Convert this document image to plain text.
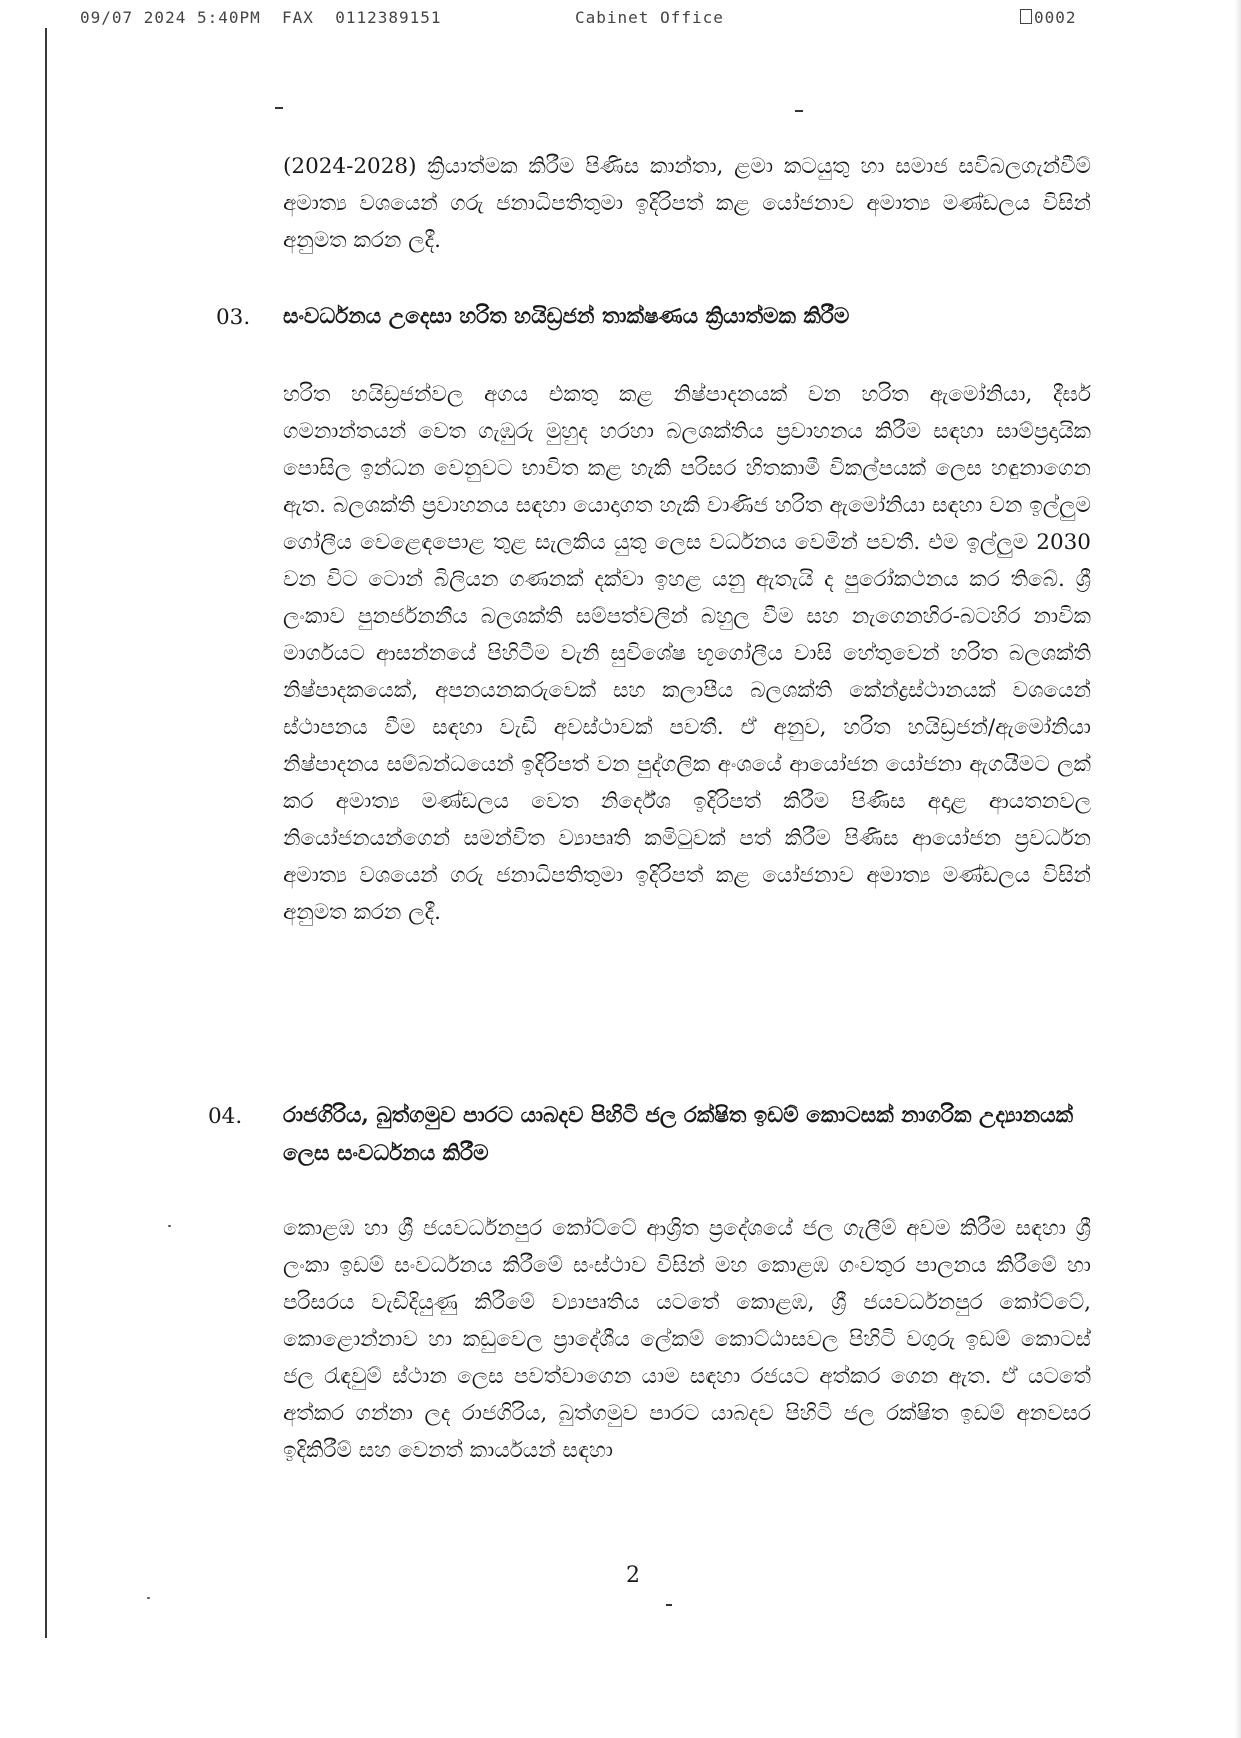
09/07 2024 5:40PM  FAX  0112389151	Cabinet Office	0002
(2024-2028) ක්‍රියාත්මක කිරීම පිණිස කාන්තා, ළමා කටයුතු හා සමාජ සවිබලගැන්වීම් අමාත්‍ය වශයෙන් ගරු ජනාධිපතිතුමා ඉදිරිපත් කළ යෝජනාව අමාත්‍ය මණ්ඩලය විසින් අනුමත කරන ලදී.
03. සංවර්ධනය උදෙසා හරිත හයිඩ්‍රජන් තාක්ෂණය ක්‍රියාත්මක කිරීම
හරිත හයිඩ්‍රජන්වල අගය එකතු කළ නිෂ්පාදනයක් වන හරිත ඇමෝනියා, දීර්ඝ ගමනාන්තයන් වෙත ගැඹුරු මුහුද හරහා බලශක්තිය ප්‍රවාහනය කිරීම සඳහා සාම්ප්‍රදායික පොසිල ඉන්ධන වෙනුවට භාවිත කළ හැකි පරිසර හිතකාමී විකල්පයක් ලෙස හඳුනාගෙන ඇත. බලශක්ති ප්‍රවාහනය සඳහා යොදාගත හැකි වාණිජ හරිත ඇමෝනියා සඳහා වන ඉල්ලුම ගෝලීය වෙළෙඳපොළ තුළ සැලකිය යුතු ලෙස වර්ධනය වෙමින් පවතී. එම ඉල්ලුම 2030 වන විට ටොන් බිලියන ගණනක් දක්වා ඉහළ යනු ඇතැයි ද පුරෝකථනය කර තිබේ. ශ්‍රී ලංකාව පුනර්ජනනීය බලශක්ති සම්පත්වලින් බහුල වීම සහ නැගෙනහිර-බටහිර නාවික මාර්ගයට ආසන්නයේ පිහිටීම වැනි සුවිශේෂ භූගෝලීය වාසි හේතුවෙන් හරිත බලශක්ති නිෂ්පාදකයෙක්, අපනයනකරුවෙක් සහ කලාපීය බලශක්ති කේන්ද්‍රස්ථානයක් වශයෙන් ස්ථාපනය වීම සඳහා වැඩි අවස්ථාවක් පවතී. ඒ අනුව, හරිත හයිඩ්‍රජන්/ඇමෝනියා නිෂ්පාදනය සම්බන්ධයෙන් ඉදිරිපත් වන පුද්ගලික අංශයේ ආයෝජන යෝජනා ඇගයීමට ලක් කර අමාත්‍ය මණ්ඩලය වෙත නිර්දේශ ඉදිරිපත් කිරීම පිණිස අදාළ ආයතනවල නියෝජනයන්ගෙන් සමන්විත ව්‍යාපෘති කමිටුවක් පත් කිරීම පිණිස ආයෝජන ප්‍රවර්ධන අමාත්‍ය වශයෙන් ගරු ජනාධිපතිතුමා ඉදිරිපත් කළ යෝජනාව අමාත්‍ය මණ්ඩලය විසින් අනුමත කරන ලදී.
04. රාජගිරිය, බුත්ගමුව පාරට යාබදව පිහිටි ජල රක්ෂිත ඉඩම් කොටසක් නාගරික උද්‍යානයක් ලෙස සංවර්ධනය කිරීම
කොළඹ හා ශ්‍රී ජයවර්ධනපුර කෝට්ටේ ආශ්‍රිත ප්‍රදේශයේ ජල ගැලීම් අවම කිරීම සඳහා ශ්‍රී ලංකා ඉඩම් සංවර්ධනය කිරීමේ සංස්ථාව විසින් මහ කොළඹ ගංවතුර පාලනය කිරීමේ හා පරිසරය වැඩිදියුණු කිරීමේ ව්‍යාපෘතිය යටතේ කොළඹ, ශ්‍රී ජයවර්ධනපුර කෝට්ටේ, කොළොන්නාව හා කඩුවෙල ප්‍රාදේශීය ලේකම් කොට්ඨාසවල පිහිටි වගුරු ඉඩම් කොටස් ජල රැඳවුම් ස්ථාන ලෙස පවත්වාගෙන යාම සඳහා රජයට අත්කර ගෙන ඇත. ඒ යටතේ අත්කර ගන්නා ලද රාජගිරිය, බුත්ගමුව පාරට යාබදව පිහිටි ජල රක්ෂිත ඉඩම් අනවසර ඉදිකිරීම් සහ වෙනත් කාර්යයන් සඳහා
2
